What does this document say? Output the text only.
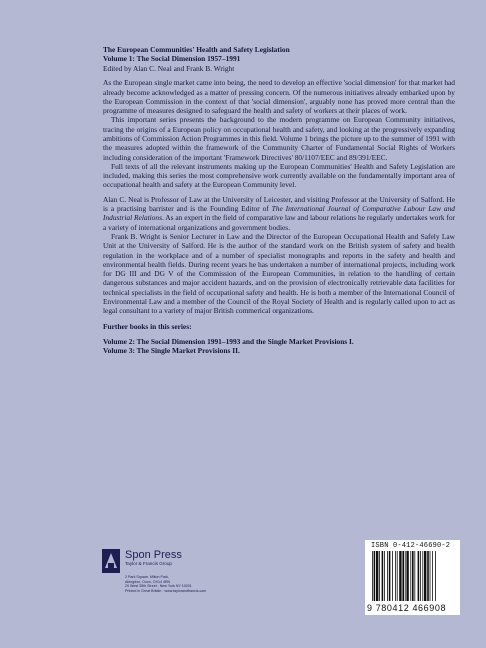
The European Communities' Health and Safety Legislation
Volume 1: The Social Dimension 1957–1991
Edited by Alan C. Neal and Frank B. Wright

As the European single market came into being, the need to develop an effective 'social dimension' for that market had already become acknowledged as a matter of pressing concern. Of the numerous initiatives already embarked upon by the European Commission in the context of that 'social dimension', arguably none has proved more central than the programme of measures designed to safeguard the health and safety of workers at their places of work.

This important series presents the background to the modern programme on European Community initiatives, tracing the origins of a European policy on occupational health and safety, and looking at the progressively expanding ambitions of Commission Action Programmes in this field. Volume 1 brings the picture up to the summer of 1991 with the measures adopted within the framework of the Community Charter of Fundamental Social Rights of Workers including consideration of the important 'Framework Directives' 80/1107/EEC and 89/391/EEC.

Full texts of all the relevant instruments making up the European Communities' Health and Safety Legislation are included, making this series the most comprehensive work currently available on the fundamentally important area of occupational health and safety at the European Community level.

Alan C. Neal is Professor of Law at the University of Leicester, and visiting Professor at the University of Salford. He is a practising barrister and is the Founding Editor of The International Journal of Comparative Labour Law and Industrial Relations. As an expert in the field of comparative law and labour relations he regularly undertakes work for a variety of international organizations and government bodies.

Frank B. Wright is Senior Lecturer in Law and the Director of the European Occupational Health and Safely Law Unit at the University of Salford. He is the author of the standard work on the British system of safety and health regulation in the workplace and of a number of specialist monographs and reports in the safety and health and environmental health fields. During recent years he has undertaken a number of international projects, including work for DG III and DG V of the Commission of the European Communities, in relation to the handling of certain dangerous substances and major accident hazards, and on the provision of electronically retrievable data facilities for technical specialists in the field of occupational safety and health. He is both a member of the International Council of Environmental Law and a member of the Council of the Royal Society of Health and is regularly called upon to act as legal consultant to a variety of major British commerical organizations.

Further books in this series:
Volume 2: The Social Dimension 1991–1993 and the Single Market Provisions I.
Volume 3: The Single Market Provisions II.
Spon Press
Taylor & Francis Group
2 Park Square, Milton Park,
Abingdon, Oxon, OX14 4RN
29 West 35th Street , New York NY 10001
Printed in Great Britain · www.taylorandfrancis.com
ISBN 0-412-46690-2
9 780412 466908
